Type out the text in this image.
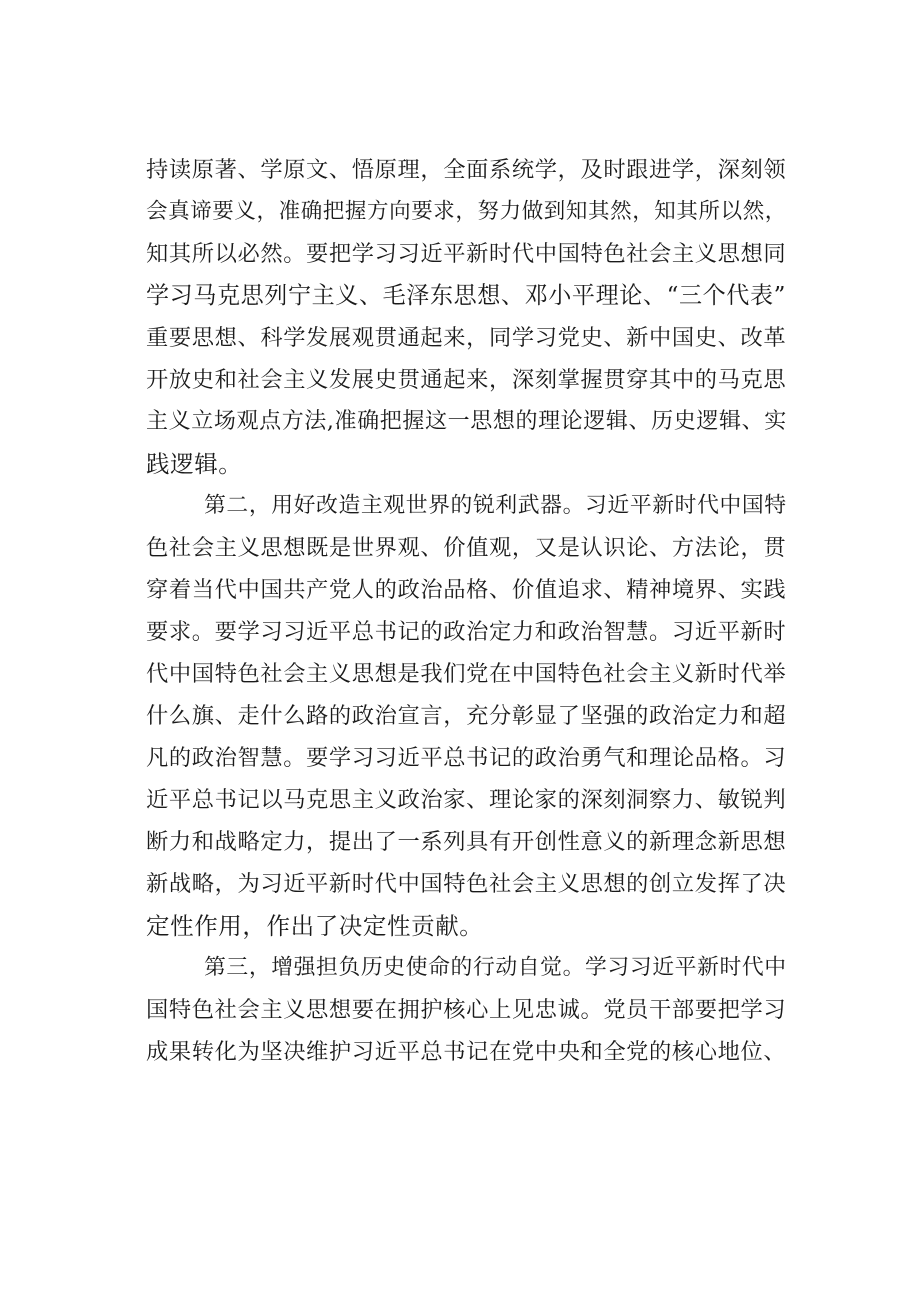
持读原著、学原文、悟原理，全面系统学，及时跟进学，深刻领
会真谛要义，准确把握方向要求，努力做到知其然，知其所以然，
知其所以必然。要把学习习近平新时代中国特色社会主义思想同
学习马克思列宁主义、毛泽东思想、邓小平理论、“三个代表”
重要思想、科学发展观贯通起来，同学习党史、新中国史、改革
开放史和社会主义发展史贯通起来，深刻掌握贯穿其中的马克思
主义立场观点方法,准确把握这一思想的理论逻辑、历史逻辑、实
践逻辑。
第二，用好改造主观世界的锐利武器。习近平新时代中国特
色社会主义思想既是世界观、价值观，又是认识论、方法论，贯
穿着当代中国共产党人的政治品格、价值追求、精神境界、实践
要求。要学习习近平总书记的政治定力和政治智慧。习近平新时
代中国特色社会主义思想是我们党在中国特色社会主义新时代举
什么旗、走什么路的政治宣言，充分彰显了坚强的政治定力和超
凡的政治智慧。要学习习近平总书记的政治勇气和理论品格。习
近平总书记以马克思主义政治家、理论家的深刻洞察力、敏锐判
断力和战略定力，提出了一系列具有开创性意义的新理念新思想
新战略，为习近平新时代中国特色社会主义思想的创立发挥了决
定性作用，作出了决定性贡献。
第三，增强担负历史使命的行动自觉。学习习近平新时代中
国特色社会主义思想要在拥护核心上见忠诚。党员干部要把学习
成果转化为坚决维护习近平总书记在党中央和全党的核心地位、
